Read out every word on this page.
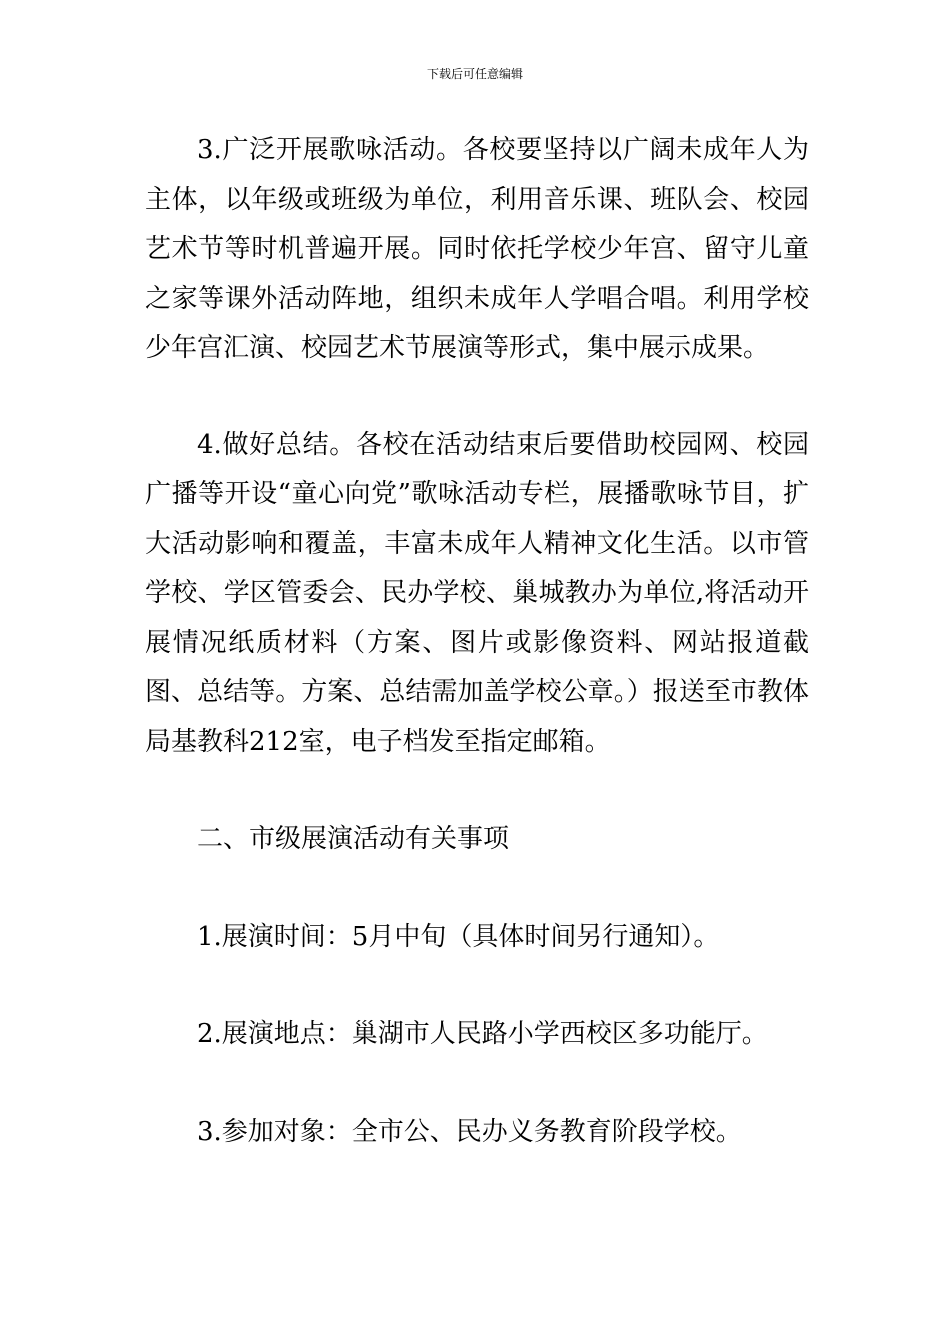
下载后可任意编辑

3.广泛开展歌咏活动。各校要坚持以广阔未成年人为主体，以年级或班级为单位，利用音乐课、班队会、校园艺术节等时机普遍开展。同时依托学校少年宫、留守儿童之家等课外活动阵地，组织未成年人学唱合唱。利用学校少年宫汇演、校园艺术节展演等形式，集中展示成果。

4.做好总结。各校在活动结束后要借助校园网、校园广播等开设“童心向党”歌咏活动专栏，展播歌咏节目，扩大活动影响和覆盖，丰富未成年人精神文化生活。以市管学校、学区管委会、民办学校、巢城教办为单位,将活动开展情况纸质材料（方案、图片或影像资料、网站报道截图、总结等。方案、总结需加盖学校公章。）报送至市教体局基教科212室，电子档发至指定邮箱。

二、市级展演活动有关事项

1.展演时间：5月中旬（具体时间另行通知）。

2.展演地点：巢湖市人民路小学西校区多功能厅。

3.参加对象：全市公、民办义务教育阶段学校。
